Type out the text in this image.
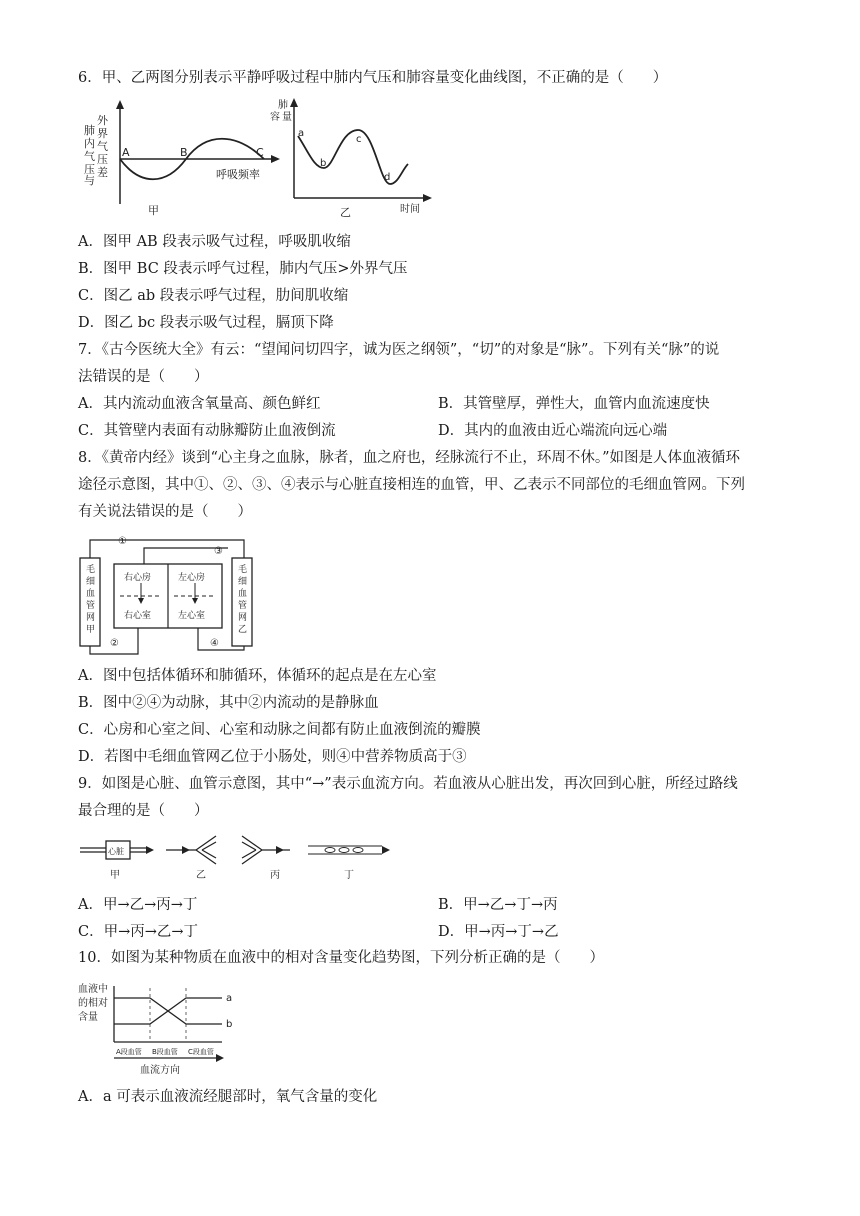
6．甲、乙两图分别表示平静呼吸过程中肺内气压和肺容量变化曲线图，不正确的是（　　）
肺内气压
外界气压差
与
A	B	C
呼吸频率
甲
肺
容 量
a
b
c
d
时间
乙
A．图甲 AB 段表示吸气过程，呼吸肌收缩
B．图甲 BC 段表示呼气过程，肺内气压>外界气压
C．图乙 ab 段表示呼气过程，肋间肌收缩
D．图乙 bc 段表示吸气过程，膈顶下降
7．《古今医统大全》有云：“望闻问切四字，诚为医之纲领”，“切”的对象是“脉”。下列有关“脉”的说
法错误的是（　　）
A．其内流动血液含氧量高、颜色鲜红	B．其管壁厚，弹性大，血管内血流速度快
C．其管壁内表面有动脉瓣防止血液倒流	D．其内的血液由近心端流向远心端
8．《黄帝内经》谈到“心主身之血脉，脉者，血之府也，经脉流行不止，环周不休。”如图是人体血液循环
途径示意图，其中①、②、③、④表示与心脏直接相连的血管，甲、乙表示不同部位的毛细血管网。下列
有关说法错误的是（　　）
毛
细
血
管
网
甲
毛
细
血
管
网
乙
右心房
右心室
左心房
左心室
①
③
②	④
A．图中包括体循环和肺循环，体循环的起点是在左心室
B．图中②④为动脉，其中②内流动的是静脉血
C．心房和心室之间、心室和动脉之间都有防止血液倒流的瓣膜
D．若图中毛细血管网乙位于小肠处，则④中营养物质高于③
9．如图是心脏、血管示意图，其中“→”表示血流方向。若血液从心脏出发，再次回到心脏，所经过路线
最合理的是（　　）
心脏
甲	乙	丙	丁
A．甲→乙→丙→丁	B．甲→乙→丁→丙
C．甲→丙→乙→丁	D．甲→丙→丁→乙
10．如图为某种物质在血液中的相对含量变化趋势图，下列分析正确的是（　　）
血液中
的相对
含量
a
b
A段血管 B段血管 C段血管
血流方向
A．a 可表示血液流经腿部时，氧气含量的变化
